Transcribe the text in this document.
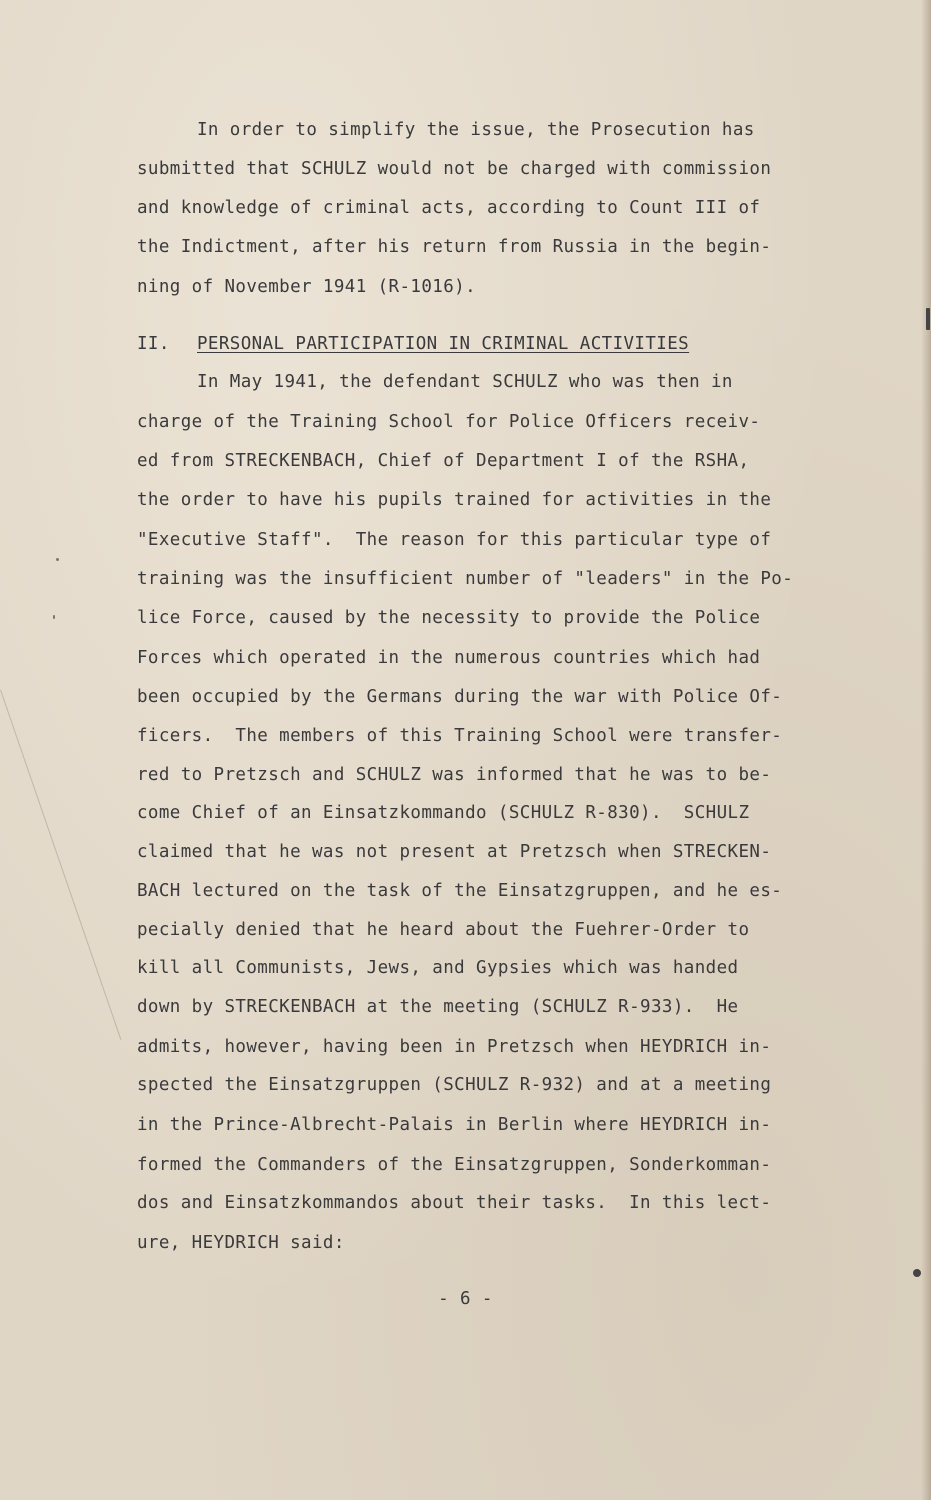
In order to simplify the issue, the Prosecution has
submitted that SCHULZ would not be charged with commission
and knowledge of criminal acts, according to Count III of
the Indictment, after his return from Russia in the begin-
ning of November 1941 (R-1016).
II. PERSONAL PARTICIPATION IN CRIMINAL ACTIVITIES
In May 1941, the defendant SCHULZ who was then in
charge of the Training School for Police Officers receiv-
ed from STRECKENBACH, Chief of Department I of the RSHA,
the order to have his pupils trained for activities in the
"Executive Staff".  The reason for this particular type of
training was the insufficient number of "leaders" in the Po-
lice Force, caused by the necessity to provide the Police
Forces which operated in the numerous countries which had
been occupied by the Germans during the war with Police Of-
ficers.  The members of this Training School were transfer-
red to Pretzsch and SCHULZ was informed that he was to be-
come Chief of an Einsatzkommando (SCHULZ R-830).  SCHULZ
claimed that he was not present at Pretzsch when STRECKEN-
BACH lectured on the task of the Einsatzgruppen, and he es-
pecially denied that he heard about the Fuehrer-Order to
kill all Communists, Jews, and Gypsies which was handed
down by STRECKENBACH at the meeting (SCHULZ R-933).  He
admits, however, having been in Pretzsch when HEYDRICH in-
spected the Einsatzgruppen (SCHULZ R-932) and at a meeting
in the Prince-Albrecht-Palais in Berlin where HEYDRICH in-
formed the Commanders of the Einsatzgruppen, Sonderkomman-
dos and Einsatzkommandos about their tasks.  In this lect-
ure, HEYDRICH said:
- 6 -
